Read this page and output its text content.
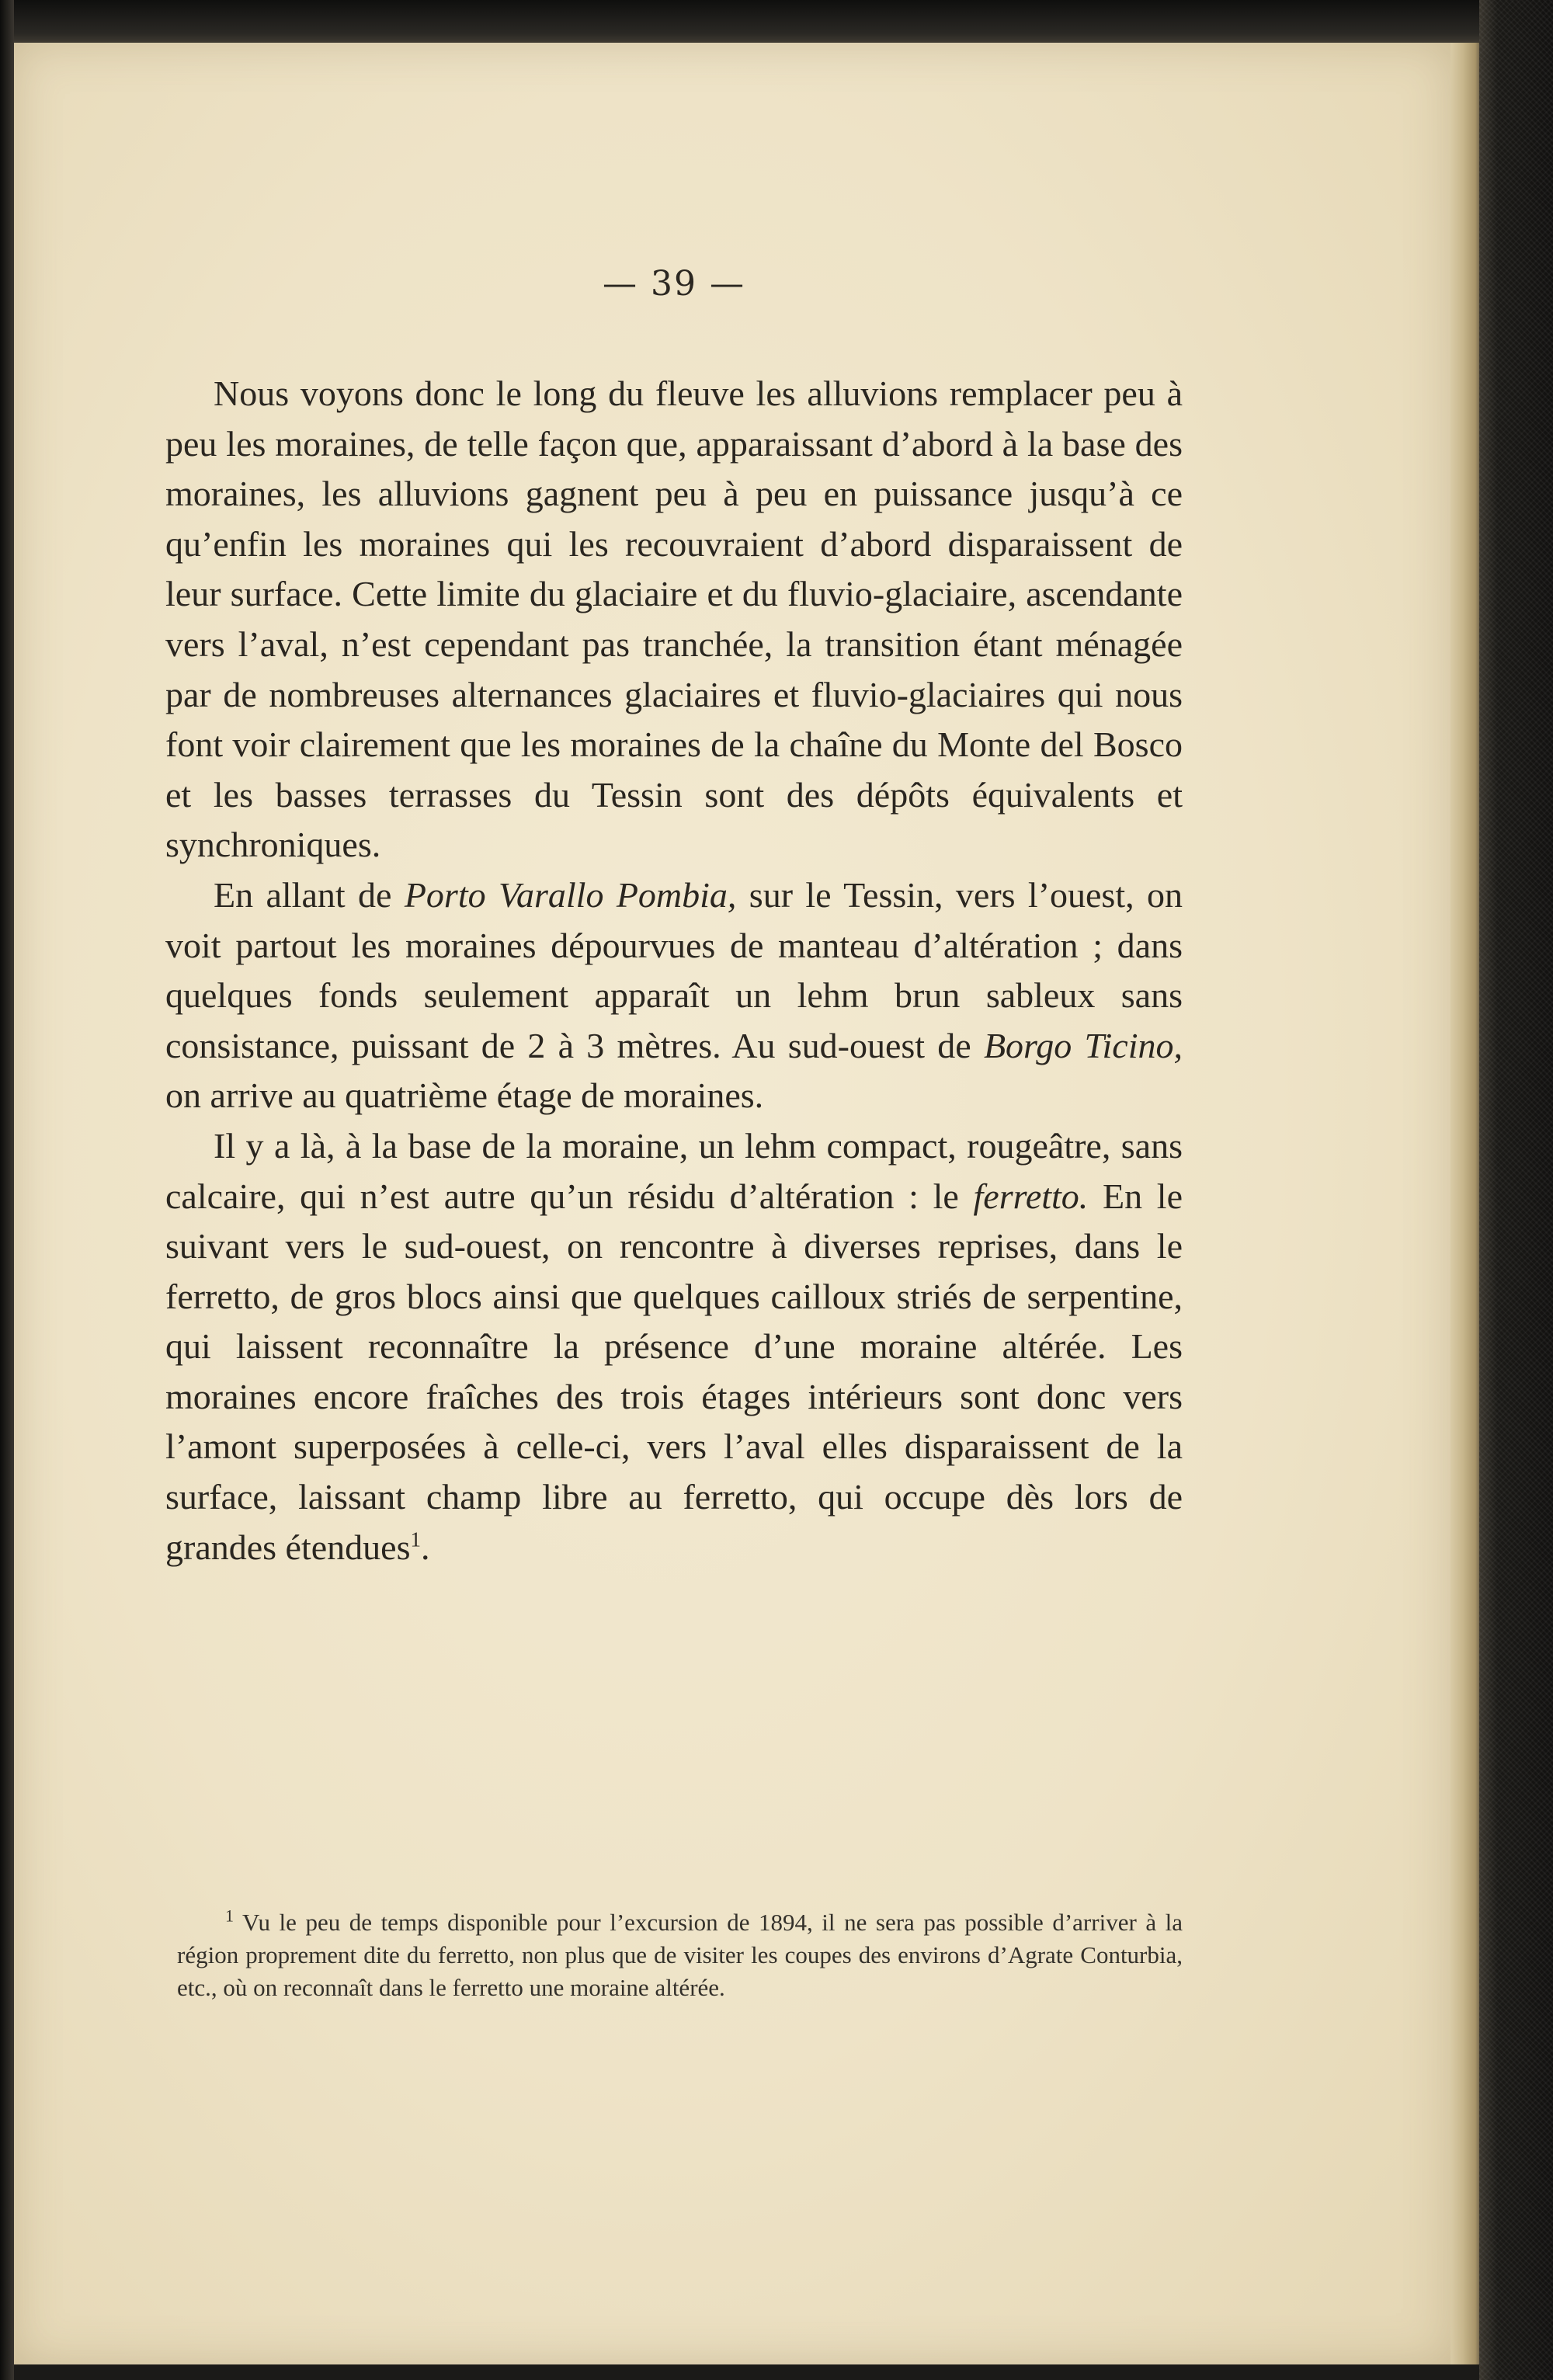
— 39 —

Nous voyons donc le long du fleuve les alluvions remplacer peu à peu les moraines, de telle façon que, apparaissant d’abord à la base des moraines, les alluvions gagnent peu à peu en puissance jusqu’à ce qu’enfin les moraines qui les recouvraient d’abord disparaissent de leur surface. Cette limite du glaciaire et du fluvio-glaciaire, ascendante vers l’aval, n’est cependant pas tranchée, la transition étant ménagée par de nombreuses alternances glaciaires et fluvio-glaciaires qui nous font voir clairement que les moraines de la chaîne du Monte del Bosco et les basses terrasses du Tessin sont des dépôts équivalents et synchroniques.

En allant de Porto Varallo Pombia, sur le Tessin, vers l’ouest, on voit partout les moraines dépourvues de manteau d’altération ; dans quelques fonds seulement apparaît un lehm brun sableux sans consistance, puissant de 2 à 3 mètres. Au sud-ouest de Borgo Ticino, on arrive au quatrième étage de moraines.

Il y a là, à la base de la moraine, un lehm compact, rougeâtre, sans calcaire, qui n’est autre qu’un résidu d’altération : le ferretto. En le suivant vers le sud-ouest, on rencontre à diverses reprises, dans le ferretto, de gros blocs ainsi que quelques cailloux striés de serpentine, qui laissent reconnaître la présence d’une moraine altérée. Les moraines encore fraîches des trois étages intérieurs sont donc vers l’amont superposées à celle-ci, vers l’aval elles disparaissent de la surface, laissant champ libre au ferretto, qui occupe dès lors de grandes étendues$^1$.

$^1$ Vu le peu de temps disponible pour l’excursion de 1894, il ne sera pas possible d’arriver à la région proprement dite du ferretto, non plus que de visiter les coupes des environs d’Agrate Conturbia, etc., où on reconnaît dans le ferretto une moraine altérée.
